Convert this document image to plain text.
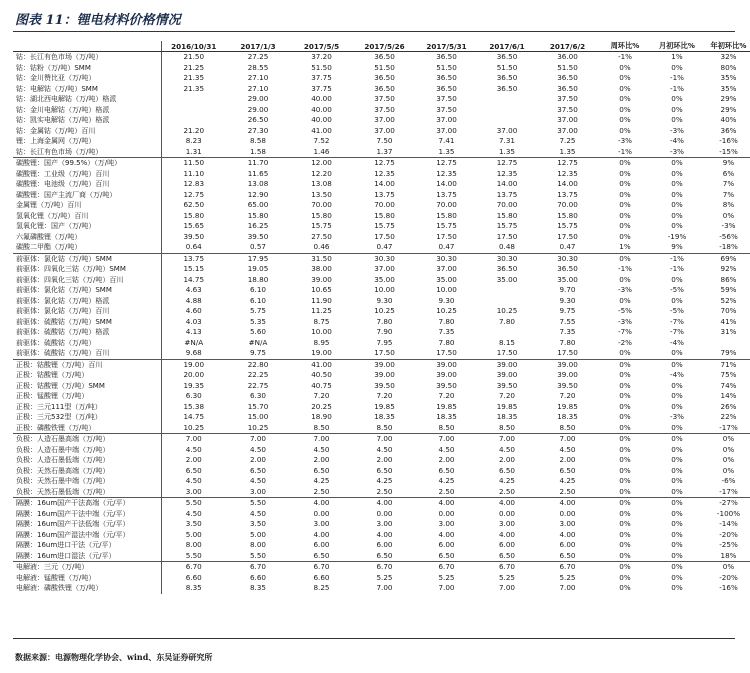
图表 11：锂电材料价格情况
	2016/10/31	2017/1/3	2017/5/5	2017/5/26	2017/5/31	2017/6/1	2017/6/2	周环比%	月初环比%	年初环比%
钴：长江有色市场（万/吨）	21.50	27.25	37.20	36.50	36.50	36.50	36.00	-1%	1%	32%
钴：钴粉（万/吨）SMM	21.25	28.55	51.50	51.50	51.50	51.50	51.50	0%	0%	80%
钴：金川赞比亚（万/吨）	21.35	27.10	37.75	36.50	36.50	36.50	36.50	0%	-1%	35%
钴：电解钴（万/吨）SMM	21.35	27.10	37.75	36.50	36.50	36.50	36.50	0%	-1%	35%
钴：湖北西电解钴（万/吨）格派		29.00	40.00	37.50	37.50		37.50	0%	0%	29%
钴：金川电解钴（万/吨）格派		29.00	40.00	37.50	37.50		37.50	0%	0%	29%
钴：凯实电解钴（万/吨）格派		26.50	40.00	37.00	37.00		37.00	0%	0%	40%
钴：金属钴（万/吨）百川	21.20	27.30	41.00	37.00	37.00	37.00	37.00	0%	-3%	36%
锂：上海金属网（万/吨）	8.23	8.58	7.52	7.50	7.41	7.31	7.25	-3%	-4%	-16%
钴：长江有色市场（万/吨）	1.31	1.58	1.46	1.37	1.35	1.35	1.35	-1%	-3%	-15%
碳酸锂：国产（99.5%）（万/吨）	11.50	11.70	12.00	12.75	12.75	12.75	12.75	0%	0%	9%
碳酸锂：工业级（万/吨）百川	11.10	11.65	12.20	12.35	12.35	12.35	12.35	0%	0%	6%
碳酸锂：电池级（万/吨）百川	12.83	13.08	13.08	14.00	14.00	14.00	14.00	0%	0%	7%
碳酸锂：国产主流厂商（万/吨）	12.75	12.90	13.50	13.75	13.75	13.75	13.75	0%	0%	7%
金属锂（万/吨）百川	62.50	65.00	70.00	70.00	70.00	70.00	70.00	0%	0%	8%
氢氧化锂（万/吨）百川	15.80	15.80	15.80	15.80	15.80	15.80	15.80	0%	0%	0%
氢氧化锂：国产（万/吨）	15.65	16.25	15.75	15.75	15.75	15.75	15.75	0%	0%	-3%
六氟磷酸锂（万/吨）	39.50	39.50	27.50	17.50	17.50	17.50	17.50	0%	-19%	-56%
碳酸二甲酯（万/吨）	0.64	0.57	0.46	0.47	0.47	0.48	0.47	1%	9%	-18%
前驱体：氯化钴（万/吨）SMM	13.75	17.95	31.50	30.30	30.30	30.30	30.30	0%	-1%	69%
前驱体：四氧化三钴（万/吨）SMM	15.15	19.05	38.00	37.00	37.00	36.50	36.50	-1%	-1%	92%
前驱体：四氧化三钴（万/吨）百川	14.75	18.80	39.00	35.00	35.00	35.00	35.00	0%	0%	86%
前驱体：氯化钴（万/吨）SMM	4.63	6.10	10.65	10.00	10.00		9.70	-3%	-5%	59%
前驱体：氯化钴（万/吨）格派	4.88	6.10	11.90	9.30	9.30		9.30	0%	0%	52%
前驱体：氯化钴（万/吨）百川	4.60	5.75	11.25	10.25	10.25	10.25	9.75	-5%	-5%	70%
前驱体：硫酸钴（万/吨）SMM	4.03	5.35	8.75	7.80	7.80	7.80	7.55	-3%	-7%	41%
前驱体：硫酸钴（万/吨）格派	4.13	5.60	10.00	7.90	7.35		7.35	-7%	-7%	31%
前驱体：硫酸钴（万/吨）	#N/A	#N/A	8.95	7.95	7.80	8.15	7.80	-2%	-4%	
前驱体：硫酸钴（万/吨）百川	9.68	9.75	19.00	17.50	17.50	17.50	17.50	0%	0%	79%
正极：钴酸锂（万/吨）百川	19.00	22.80	41.00	39.00	39.00	39.00	39.00	0%	0%	71%
正极：钴酸锂（万/吨）	20.00	22.25	40.50	39.00	39.00	39.00	39.00	0%	-4%	75%
正极：钴酸锂（万/吨）SMM	19.35	22.75	40.75	39.50	39.50	39.50	39.50	0%	0%	74%
正极：锰酸锂（万/吨）	6.30	6.30	7.20	7.20	7.20	7.20	7.20	0%	0%	14%
正极：三元111型（万/吨）	15.38	15.70	20.25	19.85	19.85	19.85	19.85	0%	0%	26%
正极：三元532型（万/吨）	14.75	15.00	18.90	18.35	18.35	18.35	18.35	0%	-3%	22%
正极：磷酸铁锂（万/吨）	10.25	10.25	8.50	8.50	8.50	8.50	8.50	0%	0%	-17%
负极：人造石墨高端（万/吨）	7.00	7.00	7.00	7.00	7.00	7.00	7.00	0%	0%	0%
负极：人造石墨中端（万/吨）	4.50	4.50	4.50	4.50	4.50	4.50	4.50	0%	0%	0%
负极：人造石墨低端（万/吨）	2.00	2.00	2.00	2.00	2.00	2.00	2.00	0%	0%	0%
负极：天然石墨高端（万/吨）	6.50	6.50	6.50	6.50	6.50	6.50	6.50	0%	0%	0%
负极：天然石墨中端（万/吨）	4.50	4.50	4.25	4.25	4.25	4.25	4.25	0%	0%	-6%
负极：天然石墨低端（万/吨）	3.00	3.00	2.50	2.50	2.50	2.50	2.50	0%	0%	-17%
隔膜：16um国产干法高端（元/平）	5.50	5.50	4.00	4.00	4.00	4.00	4.00	0%	0%	-27%
隔膜：16um国产干法中端（元/平）	4.50	4.50	0.00	0.00	0.00	0.00	0.00	0%	0%	-100%
隔膜：16um国产干法低端（元/平）	3.50	3.50	3.00	3.00	3.00	3.00	3.00	0%	0%	-14%
隔膜：16um国产湿法中端（元/平）	5.00	5.00	4.00	4.00	4.00	4.00	4.00	0%	0%	-20%
隔膜：16um进口干法（元/平）	8.00	8.00	6.00	6.00	6.00	6.00	6.00	0%	0%	-25%
隔膜：16um进口湿法（元/平）	5.50	5.50	6.50	6.50	6.50	6.50	6.50	0%	0%	18%
电解液：三元（万/吨）	6.70	6.70	6.70	6.70	6.70	6.70	6.70	0%	0%	0%
电解液：锰酸锂（万/吨）	6.60	6.60	6.60	5.25	5.25	5.25	5.25	0%	0%	-20%
电解液：磷酸铁锂（万/吨）	8.35	8.35	8.25	7.00	7.00	7.00	7.00	0%	0%	-16%
数据来源：电源物理化学协会、wind、东吴证券研究所
